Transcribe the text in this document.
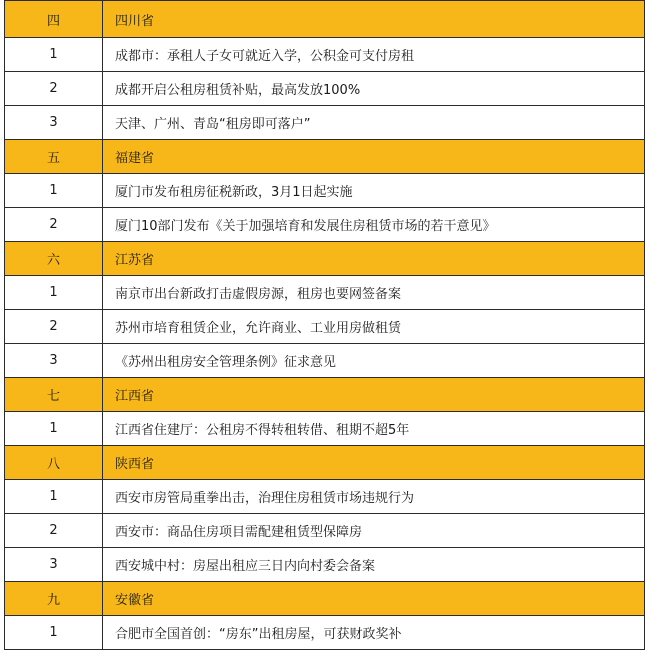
四	四川省
1	成都市：承租人子女可就近入学，公积金可支付房租
2	成都开启公租房租赁补贴，最高发放100%
3	天津、广州、青岛“租房即可落户”
五	福建省
1	厦门市发布租房征税新政，3月1日起实施
2	厦门10部门发布《关于加强培育和发展住房租赁市场的若干意见》
六	江苏省
1	南京市出台新政打击虚假房源，租房也要网签备案
2	苏州市培育租赁企业，允许商业、工业用房做租赁
3	《苏州出租房安全管理条例》征求意见
七	江西省
1	江西省住建厅：公租房不得转租转借、租期不超5年
八	陕西省
1	西安市房管局重拳出击，治理住房租赁市场违规行为
2	西安市：商品住房项目需配建租赁型保障房
3	西安城中村：房屋出租应三日内向村委会备案
九	安徽省
1	合肥市全国首创：“房东”出租房屋，可获财政奖补
